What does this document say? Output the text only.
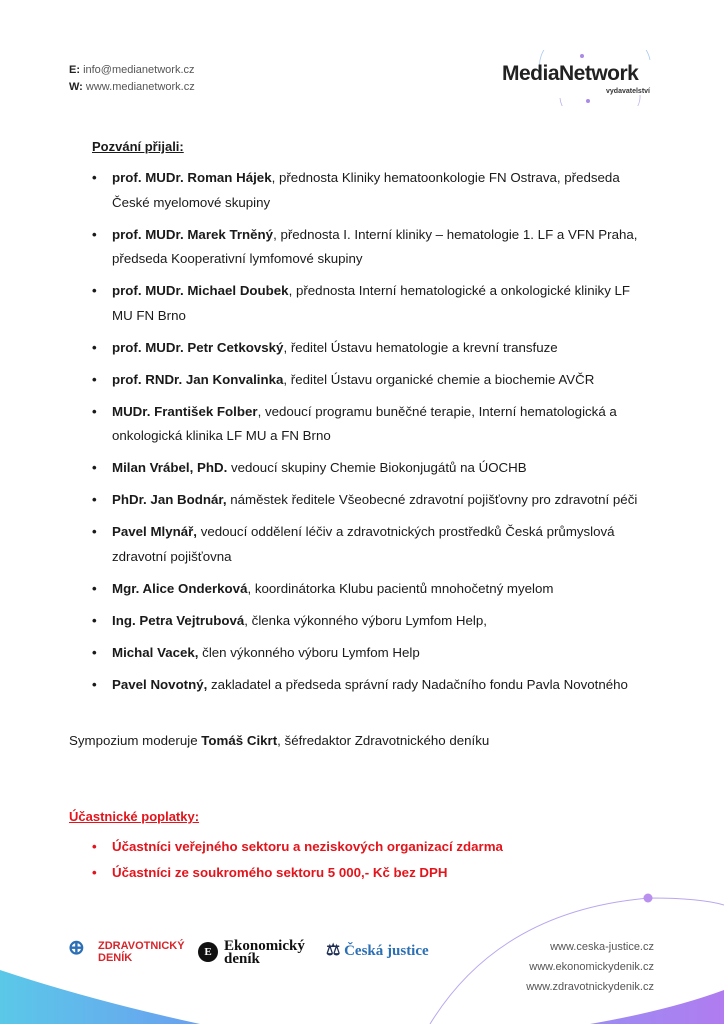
E: info@medianetwork.cz
W: www.medianetwork.cz
MediaNetwork
vydavatelství
Pozvání přijali:
• prof. MUDr. Roman Hájek, přednosta Kliniky hematoonkologie FN Ostrava, předseda České myelomové skupiny
• prof. MUDr. Marek Trněný, přednosta I. Interní kliniky – hematologie 1. LF a VFN Praha, předseda Kooperativní lymfomové skupiny
• prof. MUDr. Michael Doubek, přednosta Interní hematologické a onkologické kliniky LF MU FN Brno
• prof. MUDr. Petr Cetkovský, ředitel Ústavu hematologie a krevní transfuze
• prof. RNDr. Jan Konvalinka, ředitel Ústavu organické chemie a biochemie AVČR
• MUDr. František Folber, vedoucí programu buněčné terapie, Interní hematologická a onkologická klinika LF MU a FN Brno
• Milan Vrábel, PhD. vedoucí skupiny Chemie Biokonjugátů na ÚOCHB
• PhDr. Jan Bodnár, náměstek ředitele Všeobecné zdravotní pojišťovny pro zdravotní péči
• Pavel Mlynář, vedoucí oddělení léčiv a zdravotnických prostředků Česká průmyslová zdravotní pojišťovna
• Mgr. Alice Onderková, koordinátorka Klubu pacientů mnohočetný myelom
• Ing. Petra Vejtrubová, členka výkonného výboru Lymfom Help,
• Michal Vacek, člen výkonného výboru Lymfom Help
• Pavel Novotný, zakladatel a předseda správní rady Nadačního fondu Pavla Novotného
Sympozium moderuje Tomáš Cikrt, šéfredaktor Zdravotnického deníku
Účastnické poplatky:
• Účastníci veřejného sektoru a neziskových organizací zdarma
• Účastníci ze soukromého sektoru 5 000,- Kč bez DPH
⊕ ZDRAVOTNICKÝ DENÍK	E Ekonomický deník	⚖ Česká justice	www.ceska-justice.cz
www.ekonomickydenik.cz
www.zdravotnickydenik.cz
